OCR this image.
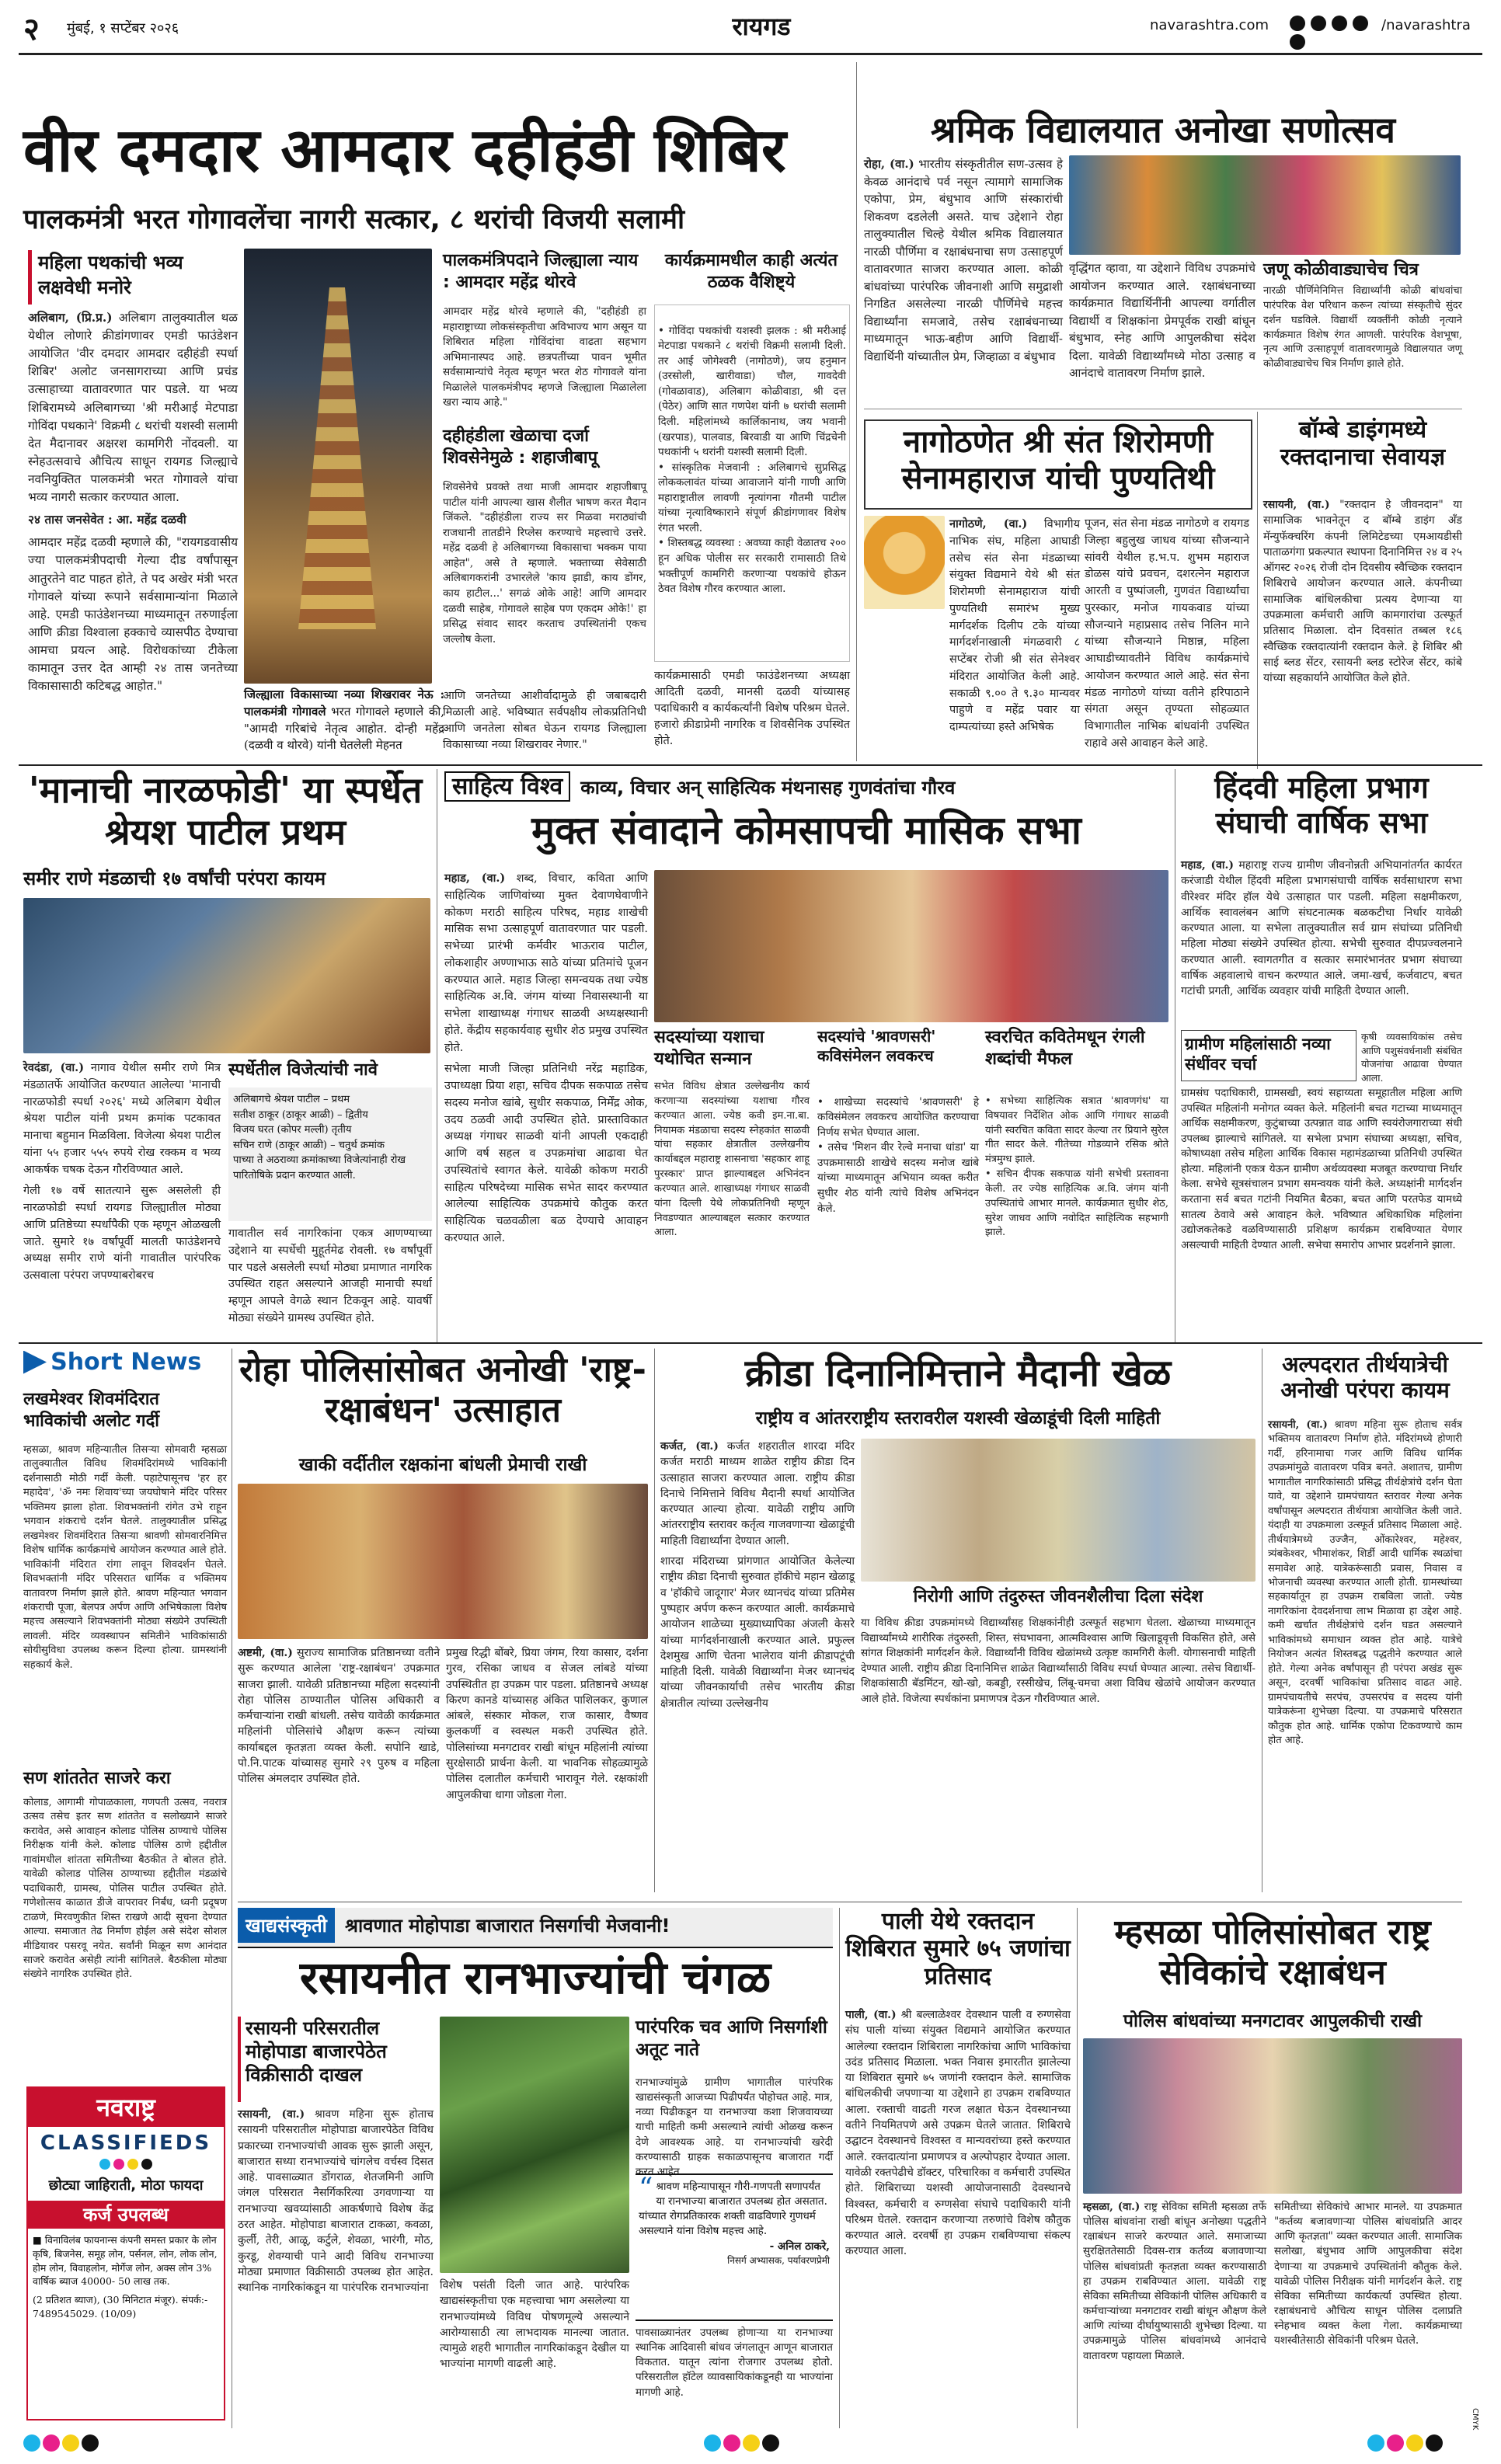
२ मुंबई, १ सप्टेंबर २०२६	रायगड	navarashtra.com
	/navarashtra
वीर दमदार आमदार दहीहंडी शिबिर
पालकमंत्री भरत गोगावलेंचा नागरी सत्कार, ८ थरांची विजयी सलामी
महिला पथकांची भव्य लक्षवेधी मनोरे

अलिबाग, (प्रि.प्र.) अलिबाग तालुक्यातील थळ येथील लोणारे क्रीडांगणावर एमडी फाउंडेशन आयोजित 'वीर दमदार आमदार दहीहंडी स्पर्धा शिबिर' अलोट जनसागराच्या आणि प्रचंड उत्साहाच्या वातावरणात पार पडले. या भव्य शिबिरामध्ये अलिबागच्या 'श्री मरीआई मेटपाडा गोविंदा पथकाने' विक्रमी ८ थरांची यशस्वी सलामी देत मैदानावर अक्षरश कामगिरी नोंदवली. या स्नेहउत्सवाचे औचित्य साधून रायगड जिल्ह्याचे नवनियुक्तित पालकमंत्री भरत गोगावले यांचा भव्य नागरी सत्कार करण्यात आला.

२४ तास जनसेवेत : आ. महेंद्र दळवी

आमदार महेंद्र दळवी म्हणाले की, "रायगडवासीय ज्या पालकमंत्रीपदाची गेल्या दीड वर्षांपासून आतुरतेने वाट पाहत होते, ते पद अखेर मंत्री भरत गोगावले यांच्या रूपाने सर्वसामान्यांना मिळाले आहे. एमडी फाउंडेशनच्या माध्यमातून तरुणाईला आणि क्रीडा विश्वाला हक्काचे व्यासपीठ देण्याचा आमचा प्रयत्न आहे. विरोधकांच्या टीकेला कामातून उत्तर देत आम्ही २४ तास जनतेच्या विकासासाठी कटिबद्ध आहोत."

जिल्ह्याला विकासाच्या नव्या शिखरावर नेऊ : पालकमंत्री गोगावले भरत गोगावले म्हणाले की, "आमदी गरिबांचे नेतृत्व आहोत. दोन्ही महेंद्र (दळवी व थोरवे) यांनी घेतलेली मेहनत
पालकमंत्रिपदाने जिल्ह्याला न्याय : आमदार महेंद्र थोरवे

आमदार महेंद्र थोरवे म्हणाले की, "दहीहंडी हा महाराष्ट्राच्या लोकसंस्कृतीचा अविभाज्य भाग असून या शिबिरात महिला गोविंदांचा वाढता सहभाग अभिमानास्पद आहे. छत्रपतींच्या पावन भूमीत सर्वसामान्यांचे नेतृत्व म्हणून भरत शेठ गोगावले यांना मिळालेले पालकमंत्रीपद म्हणजे जिल्ह्याला मिळालेला खरा न्याय आहे."

दहीहंडीला खेळाचा दर्जा शिवसेनेमुळे : शहाजीबापू

शिवसेनेचे प्रवक्ते तथा माजी आमदार शहाजीबापू पाटील यांनी आपल्या खास शैलीत भाषण करत मैदान जिंकले. "दहीहंडीला राज्य सर मिळवा मराठ्यांची राजधानी तातडीने रिप्लेस करण्याचे महत्त्वाचे उत्तरे. महेंद्र दळवी हे अलिबागच्या विकासाचा भक्कम पाया आहेत", असे ते म्हणाले. भक्ताच्या सेवेसाठी अलिबागकरांनी उभारलेले 'काय झाडी, काय डोंगर, काय हाटील...' सगळं ओके आहे! आणि आमदार दळवी साहेब, गोगावले साहेब पण एकदम ओके!' हा प्रसिद्ध संवाद सादर करताच उपस्थितांनी एकच जल्लोष केला.

आणि जनतेच्या आशीर्वादामुळे ही जबाबदारी मिळाली आहे. भविष्यात सर्वपक्षीय लोकप्रतिनिधी आणि जनतेला सोबत घेऊन रायगड जिल्ह्याला विकासाच्या नव्या शिखरावर नेणार."

कार्यक्रमामधील काही अत्यंत ठळक वैशिष्ट्ये

• गोविंदा पथकांची यशस्वी झलक : श्री मरीआई मेटपाडा पथकाने ८ थरांची विक्रमी सलामी दिली. तर आई जोगेश्वरी (नागोठणे), जय हनुमान (उरसोली, खारीवाडा) चौल, गावदेवी (गोवळावाड), अलिबाग कोळीवाडा, श्री दत्त (पेठेर) आणि सात गणपेश यांनी ७ थरांची सलामी दिली. महिलांमध्ये कार्लिकानाथ, जय भवानी (खरपाड), पालवाड, बिरवाडी या आणि चिंद्रचेनी पथकांनी ५ थरांनी यशस्वी सलामी दिली.
• सांस्कृतिक मेजवानी : अलिबागचे सुप्रसिद्ध लोककलावंत यांच्या आवाजाने यांनी गाणी आणि महाराष्ट्रातील लावणी नृत्यांगना गौतमी पाटील यांच्या नृत्याविष्काराने संपूर्ण क्रीडांगणावर विशेष रंगत भरली.
• शिस्तबद्ध व्यवस्था : अवघ्या काही वेळातच २०० हून अधिक पोलीस सर सरकारी रामासाठी तिथे भक्तीपूर्ण कामगिरी करणाऱ्या पथकांचे होऊन ठेवत विशेष गौरव करण्यात आला.

कार्यक्रमासाठी एमडी फाउंडेशनच्या अध्यक्षा आदिती दळवी, मानसी दळवी यांच्यासह पदाधिकारी व कार्यकर्त्यांनी विशेष परिश्रम घेतले. हजारो क्रीडाप्रेमी नागरिक व शिवसैनिक उपस्थित होते.

श्रमिक विद्यालयात अनोखा सणोत्सव

रोहा, (वा.) भारतीय संस्कृतीतील सण-उत्सव हे केवळ आनंदाचे पर्व नसून त्यामागे सामाजिक एकोपा, प्रेम, बंधुभाव आणि संस्कारांची शिकवण दडलेली असते. याच उद्देशाने रोहा तालुक्यातील चिल्हे येथील श्रमिक विद्यालयात नारळी पौर्णिमा व रक्षाबंधनाचा सण उत्साहपूर्ण वातावरणात साजरा करण्यात आला. कोळी बांधवांच्या पारंपरिक जीवनाशी आणि समुद्राशी निगडित असलेल्या नारळी पौर्णिमेचे महत्त्व विद्यार्थ्यांना समजावे, तसेच रक्षाबंधनाच्या माध्यमातून भाऊ-बहीण आणि विद्यार्थी-विद्यार्थिनी यांच्यातील प्रेम, जिव्हाळा व बंधुभाव

वृद्धिंगत व्हावा, या उद्देशाने विविध उपक्रमांचे आयोजन करण्यात आले. रक्षाबंधनाच्या कार्यक्रमात विद्यार्थिनींनी आपल्या वर्गातील विद्यार्थी व शिक्षकांना प्रेमपूर्वक राखी बांधून बंधुभाव, स्नेह आणि आपुलकीचा संदेश दिला. यावेळी विद्यार्थ्यांमध्ये मोठा उत्साह व आनंदाचे वातावरण निर्माण झाले.

जणू कोळीवाड्याचेच चित्र

नारळी पौर्णिमेनिमित्त विद्यार्थ्यांनी कोळी बांधवांचा पारंपरिक वेश परिधान करून त्यांच्या संस्कृतीचे सुंदर दर्शन घडविले. विद्यार्थी व्यक्तींनी कोळी नृत्याने कार्यक्रमात विशेष रंगत आणली. पारंपरिक वेशभूषा, नृत्य आणि उत्साहपूर्ण वातावरणामुळे विद्यालयात जणू कोळीवाड्याचेच चित्र निर्माण झाले होते.

नागोठणेत श्री संत शिरोमणी सेनामहाराज यांची पुण्यतिथी

नागोठणे, (वा.) विभागीय नाभिक संघ, महिला आघाडी तसेच संत सेना मंडळाच्या संयुक्त विद्यमाने येथे श्री संत शिरोमणी सेनामहाराज यांची पुण्यतिथी समारंभ मुख्य मार्गदर्शक दिलीप टके यांच्या मार्गदर्शनाखाली मंगळवारी ८ सप्टेंबर रोजी श्री संत सेनेश्वर मंदिरात आयोजित केली आहे. सकाळी ९.०० ते ९.३० मान्यवर पाहुणे व महेंद्र पवार या दाम्पत्यांच्या हस्ते अभिषेक

पूजन, संत सेना मंडळ नागोठणे व रायगड जिल्हा बहुलुख जाधव यांच्या सौजन्याने सांवरी येथील ह.भ.प. शुभम महाराज डोळस यांचे प्रवचन, दशरत्नेन महाराज आरती व पुष्पांजली, गुणवंत विद्यार्थ्यांचा पुरस्कार, मनोज गायकवाड यांच्या सौजन्याने महाप्रसाद तसेच निलिन माने यांच्या सौजन्याने मिष्ठान्न, महिला आघाडीच्यावतीने विविध कार्यक्रमांचे आयोजन करण्यात आले आहे. संत सेना मंडळ नागोठणे यांच्या वतीने हरिपाठाने संगता असून तृण्यता सोहळ्यात विभागातील नाभिक बांधवांनी उपस्थित राहावे असे आवाहन केले आहे.

बॉम्बे डाइंगमध्ये रक्तदानाचा सेवायज्ञ

रसायनी, (वा.) "रक्तदान हे जीवनदान" या सामाजिक भावनेतून द बॉम्बे डाइंग अँड मॅन्युफॅक्चरिंग कंपनी लिमिटेडच्या एमआयडीसी पाताळगंगा प्रकल्पात स्थापना दिनानिमित्त २४ व २५ ऑगस्ट २०२६ रोजी दोन दिवसीय स्वैच्छिक रक्तदान शिबिराचे आयोजन करण्यात आले. कंपनीच्या सामाजिक बांधिलकीचा प्रत्यय देणाऱ्या या उपक्रमाला कर्मचारी आणि कामगारांचा उत्स्फूर्त प्रतिसाद मिळाला. दोन दिवसांत तब्बल १८६ स्वैच्छिक रक्तदात्यांनी रक्तदान केले. हे शिबिर श्री साई ब्लड सेंटर, रसायनी ब्लड स्टोरेज सेंटर, कांबे यांच्या सहकार्याने आयोजित केले होते.

'मानाची नारळफोडी' या स्पर्धेत श्रेयश पाटील प्रथम
समीर राणे मंडळाची १७ वर्षांची परंपरा कायम

रेवदंडा, (वा.) नागाव येथील समीर राणे मित्र मंडळातर्फे आयोजित करण्यात आलेल्या 'मानाची नारळफोडी स्पर्धा २०२६' मध्ये अलिबाग येथील श्रेयश पाटील यांनी प्रथम क्रमांक पटकावत मानाचा बहुमान मिळविला. विजेत्या श्रेयश पाटील यांना ५५ हजार ५५५ रुपये रोख रक्कम व भव्य आकर्षक चषक देऊन गौरविण्यात आले.

गेली १७ वर्षे सातत्याने सुरू असलेली ही नारळफोडी स्पर्धा रायगड जिल्ह्यातील मोठ्या आणि प्रतिष्ठेच्या स्पर्धांपैकी एक म्हणून ओळखली जाते. सुमारे १७ वर्षांपूर्वी मालती फाउंडेशनचे अध्यक्ष समीर राणे यांनी गावातील पारंपरिक उत्सवाला परंपरा जपण्याबरोबरच

स्पर्धेतील विजेत्यांची नावे
अलिबागचे श्रेयश पाटील – प्रथम
सतीश ठाकूर (ठाकूर आळी) – द्वितीय
विजय घरत (कोपर मल्ली) तृतीय
सचिन राणे (ठाकूर आळी) – चतुर्थ क्रमांक
पाच्या ते अठराव्या क्रमांकाच्या विजेत्यांनाही रोख पारितोषिके प्रदान करण्यात आली.

गावातील सर्व नागरिकांना एकत्र आणण्याच्या उद्देशाने या स्पर्धेची मुहूर्तमेढ रोवली. १७ वर्षांपूर्वी पार पडले असलेली स्पर्धा मोठ्या प्रमाणात नागरिक उपस्थित राहत असल्याने आजही मानाची स्पर्धा म्हणून आपले वेगळे स्थान टिकवून आहे. यावर्षी मोठ्या संख्येने ग्रामस्थ उपस्थित होते.

साहित्य विश्व काव्य, विचार अन् साहित्यिक मंथनासह गुणवंतांचा गौरव
मुक्त संवादाने कोमसापची मासिक सभा

महाड, (वा.) शब्द, विचार, कविता आणि साहित्यिक जाणिवांच्या मुक्त देवाणघेवाणीने कोकण मराठी साहित्य परिषद, महाड शाखेची मासिक सभा उत्साहपूर्ण वातावरणात पार पडली. सभेच्या प्रारंभी कर्मवीर भाऊराव पाटील, लोकशाहीर अण्णाभाऊ साठे यांच्या प्रतिमांचे पूजन करण्यात आले. महाड जिल्हा समन्वयक तथा ज्येष्ठ साहित्यिक अ.वि. जंगम यांच्या निवासस्थानी या सभेला शाखाध्यक्ष गंगाधर साळवी अध्यक्षस्थानी होते. केंद्रीय सहकार्यवाह सुधीर शेठ प्रमुख उपस्थित होते.

सभेला माजी जिल्हा प्रतिनिधी नरेंद्र महाडिक, उपाध्यक्षा प्रिया शहा, सचिव दीपक सकपाळ तसेच सदस्य मनोज खांबे, सुधीर सकपाळ, निर्मेंद्र ओक, उदय ठळवी आदी उपस्थित होते. प्रास्ताविकात अध्यक्ष गंगाधर साळवी यांनी आपली एकदाही आणि वर्ष सहल व उपक्रमांचा आढावा घेत उपस्थितांचे स्वागत केले. यावेळी कोकण मराठी साहित्य परिषदेच्या मासिक सभेत सादर करण्यात आलेल्या साहित्यिक उपक्रमांचे कौतुक करत साहित्यिक चळवळीला बळ देण्याचे आवाहन करण्यात आले.

सदस्यांच्या यशाचा यथोचित सन्मान

सभेत विविध क्षेत्रात उल्लेखनीय कार्य करणाऱ्या सदस्यांच्या यशाचा गौरव करण्यात आला. ज्येष्ठ कवी इम.ना.बा. नियामक मंडळाचा सदस्य स्नेहकांत साळवी यांचा सहकार क्षेत्रातील उल्लेखनीय कार्याबद्दल महाराष्ट्र शासनाचा 'सहकार शाहू पुरस्कार' प्राप्त झाल्याबद्दल अभिनंदन करण्यात आले. शाखाध्यक्ष गंगाधर साळवी यांना दिल्ली येथे लोकप्रतिनिधी म्हणून निवडण्यात आल्याबद्दल सत्कार करण्यात आला.

सदस्यांचे 'श्रावणसरी' कविसंमेलन लवकरच

• शाखेच्या सदस्यांचे 'श्रावणसरी' हे कविसंमेलन लवकरच आयोजित करण्याचा निर्णय सभेत घेण्यात आला.
• तसेच 'मिशन वीर रेल्वे मनाचा धांडा' या उपक्रमासाठी शाखेचे सदस्य मनोज खांबे यांच्या माध्यमातून अभियान व्यक्त करीत सुधीर शेठ यांनी त्यांचे विशेष अभिनंदन केले.

स्वरचित कवितेमधून रंगली शब्दांची मैफल

• सभेच्या साहित्यिक सत्रात 'श्रावणगंध' या विषयावर निर्देशित ओक आणि गंगाधर साळवी यांनी स्वरचित कविता सादर केल्या तर प्रियाने सुरेल गीत सादर केले. गीतेच्या गोडव्याने रसिक श्रोते मंत्रमुग्ध झाले.
• सचिन दीपक सकपाळ यांनी सभेची प्रस्तावना केली. तर ज्येष्ठ साहित्यिक अ.वि. जंगम यांनी उपस्थितांचे आभार मानले. कार्यक्रमात सुधीर शेठ, सुरेश जाधव आणि नवोदित साहित्यिक सहभागी झाले.

हिंदवी महिला प्रभाग संघाची वार्षिक सभा

महाड, (वा.) महाराष्ट्र राज्य ग्रामीण जीवनोन्नती अभियानांतर्गत कार्यरत करंजाडी येथील हिंदवी महिला प्रभागसंघाची वार्षिक सर्वसाधारण सभा वीरेश्वर मंदिर हॉल येथे उत्साहात पार पडली. महिला सक्षमीकरण, आर्थिक स्वावलंबन आणि संघटनात्मक बळकटीचा निर्धार यावेळी करण्यात आला. या सभेला तालुक्यातील सर्व ग्राम संघांच्या प्रतिनिधी महिला मोठ्या संख्येने उपस्थित होत्या. सभेची सुरुवात दीपप्रज्वलनाने करण्यात आली. स्वागतगीत व सत्कार समारंभानंतर प्रभाग संघाच्या वार्षिक अहवालाचे वाचन करण्यात आले. जमा-खर्च, कर्जवाटप, बचत गटांची प्रगती, आर्थिक व्यवहार यांची माहिती देण्यात आली.

ग्रामीण महिलांसाठी नव्या संधींवर चर्चा

कृषी व्यवसायिकांस तसेच आणि पशुसंवर्धनाशी संबंधित योजनांचा आढावा घेण्यात आला.

ग्रामसंघ पदाधिकारी, ग्रामसखी, स्वयं सहाय्यता समूहातील महिला आणि उपस्थित महिलांनी मनोगत व्यक्त केले. महिलांनी बचत गटाच्या माध्यमातून आर्थिक सक्षमीकरण, कुटुंबाच्या उत्पन्नात वाढ आणि स्वयंरोजगाराच्या संधी उपलब्ध झाल्याचे सांगितले. या सभेला प्रभाग संघाच्या अध्यक्षा, सचिव, कोषाध्यक्षा तसेच महिला आर्थिक विकास महामंडळाच्या प्रतिनिधी उपस्थित होत्या. महिलांनी एकत्र येऊन ग्रामीण अर्थव्यवस्था मजबूत करण्याचा निर्धार केला. सभेचे सूत्रसंचालन प्रभाग समन्वयक यांनी केले. अध्यक्षांनी मार्गदर्शन करताना सर्व बचत गटांनी नियमित बैठका, बचत आणि परतफेड यामध्ये सातत्य ठेवावे असे आवाहन केले. भविष्यात अधिकाधिक महिलांना उद्योजकतेकडे वळविण्यासाठी प्रशिक्षण कार्यक्रम राबविण्यात येणार असल्याची माहिती देण्यात आली. सभेचा समारोप आभार प्रदर्शनाने झाला.

Short News
लखमेश्वर शिवमंदिरात भाविकांची अलोट गर्दी

म्हसळा, श्रावण महिन्यातील तिसऱ्या सोमवारी म्हसळा तालुक्यातील विविध शिवमंदिरांमध्ये भाविकांनी दर्शनासाठी मोठी गर्दी केली. पहाटेपासूनच 'हर हर महादेव', 'ॐ नमः शिवाय'च्या जयघोषाने मंदिर परिसर भक्तिमय झाला होता. शिवभक्तांनी रांगेत उभे राहून भगवान शंकराचे दर्शन घेतले. तालुक्यातील प्रसिद्ध लखमेश्वर शिवमंदिरात तिसऱ्या श्रावणी सोमवारनिमित्त विशेष धार्मिक कार्यक्रमांचे आयोजन करण्यात आले होते. भाविकांनी मंदिरात रांगा लावून शिवदर्शन घेतले. शिवभक्तांनी मंदिर परिसरात धार्मिक व भक्तिमय वातावरण निर्माण झाले होते. श्रावण महिन्यात भगवान शंकराची पूजा, बेलपत्र अर्पण आणि अभिषेकाला विशेष महत्त्व असल्याने शिवभक्तांनी मोठ्या संख्येने उपस्थिती लावली. मंदिर व्यवस्थापन समितीने भाविकांसाठी सोयीसुविधा उपलब्ध करून दिल्या होत्या. ग्रामस्थांनी सहकार्य केले.

सण शांततेत साजरे करा

कोलाड, आगामी गोपाळकाला, गणपती उत्सव, नवरात्र उत्सव तसेच इतर सण शांततेत व सलोख्याने साजरे करावेत, असे आवाहन कोलाड पोलिस ठाण्याचे पोलिस निरीक्षक यांनी केले. कोलाड पोलिस ठाणे हद्दीतील गावांमधील शांतता समितीच्या बैठकीत ते बोलत होते. यावेळी कोलाड पोलिस ठाण्याच्या हद्दीतील मंडळांचे पदाधिकारी, ग्रामस्थ, पोलिस पाटील उपस्थित होते. गणेशोत्सव काळात डीजे वापरावर निर्बंध, ध्वनी प्रदूषण टाळणे, मिरवणुकीत शिस्त राखणे आदी सूचना देण्यात आल्या. समाजात तेढ निर्माण होईल असे संदेश सोशल मीडियावर पसरवू नयेत. सर्वांनी मिळून सण आनंदात साजरे करावेत असेही त्यांनी सांगितले. बैठकीला मोठ्या संख्येने नागरिक उपस्थित होते.

नवराष्ट्र
CLASSIFIEDS
छोट्या जाहिराती, मोठा फायदा
कर्ज उपलब्ध
■ विनाविलंब फायनान्स कंपनी समस्त प्रकार के लोन कृषि, बिजनेस, समूह लोन, पर्सनल, लोन, लोक लोन, होम लोन, विवाहलोन, मोर्गेज लोन, अक्स लोन 3% वार्षिक ब्याज 40000- 50 लाख तक.
(2 प्रतिशत ब्याज), (30 मिनिटात मंजूर). संपर्क:- 7489545029. (10/09)
रोहा पोलिसांसोबत अनोखी 'राष्ट्र-रक्षाबंधन' उत्साहात
खाकी वर्दीतील रक्षकांना बांधली प्रेमाची राखी

अष्टमी, (वा.) सुराज्य सामाजिक प्रतिष्ठानच्या वतीने सुरू करण्यात आलेला 'राष्ट्र-रक्षाबंधन' उपक्रमात साजरा झाली. यावेळी प्रतिष्ठानच्या महिला सदस्यांनी रोहा पोलिस ठाण्यातील पोलिस अधिकारी व कर्मचाऱ्यांना राखी बांधली. तसेच यावेळी कार्यक्रमात महिलांनी पोलिसांचे औक्षण करून त्यांच्या कार्याबद्दल कृतज्ञता व्यक्त केली. सपोनि खाडे, पो.नि.पाटक यांच्यासह सुमारे २९ पुरुष व महिला पोलिस अंमलदार उपस्थित होते.

प्रमुख रिद्धी बोंबरे, प्रिया जंगम, रिया कासार, दर्शना गुरव, रसिका जाधव व सेजल लांबडे यांच्या उपस्थितीत हा उपक्रम पार पडला. प्रतिष्ठानचे अध्यक्ष किरण कानडे यांच्यासह अंकित पाशिलकर, कुणाल आंबले, संस्कार मोकल, राज कासार, वैष्णव कुलकर्णी व स्वस्थल मकरी उपस्थित होते. पोलिसांच्या मनगटावर राखी बांधून महिलांनी त्यांच्या सुरक्षेसाठी प्रार्थना केली. या भावनिक सोहळ्यामुळे पोलिस दलातील कर्मचारी भारावून गेले. रक्षकांशी आपुलकीचा धागा जोडला गेला.

क्रीडा दिनानिमित्ताने मैदानी खेळ
राष्ट्रीय व आंतरराष्ट्रीय स्तरावरील यशस्वी खेळाडूंची दिली माहिती

कर्जत, (वा.) कर्जत शहरातील शारदा मंदिर कर्जत मराठी माध्यम शाळेत राष्ट्रीय क्रीडा दिन उत्साहात साजरा करण्यात आला. राष्ट्रीय क्रीडा दिनाचे निमित्ताने विविध मैदानी स्पर्धा आयोजित करण्यात आल्या होत्या. यावेळी राष्ट्रीय आणि आंतरराष्ट्रीय स्तरावर कर्तृत्व गाजवणाऱ्या खेळाडूंची माहिती विद्यार्थ्यांना देण्यात आली.

शारदा मंदिराच्या प्रांगणात आयोजित केलेल्या राष्ट्रीय क्रीडा दिनाची सुरुवात हॉकीचे महान खेळाडू व 'हॉकीचे जादूगार' मेजर ध्यानचंद यांच्या प्रतिमेस पुष्पहार अर्पण करून करण्यात आली. कार्यक्रमाचे आयोजन शाळेच्या मुख्याध्यापिका अंजली केसरे यांच्या मार्गदर्शनाखाली करण्यात आले. प्रफुल्ल देशमुख आणि चेतना भालेराव यांनी क्रीडापटूंची माहिती दिली. यावेळी विद्यार्थ्यांना मेजर ध्यानचंद यांच्या जीवनकार्याची तसेच भारतीय क्रीडा क्षेत्रातील त्यांच्या उल्लेखनीय

निरोगी आणि तंदुरुस्त जीवनशैलीचा दिला संदेश

या विविध क्रीडा उपक्रमांमध्ये विद्यार्थ्यांसह शिक्षकांनीही उत्स्फूर्त सहभाग घेतला. खेळाच्या माध्यमातून विद्यार्थ्यांमध्ये शारीरिक तंदुरुस्ती, शिस्त, संघभावना, आत्मविश्वास आणि खिलाडूवृत्ती विकसित होते, असे सांगत शिक्षकांनी मार्गदर्शन केले. विद्यार्थ्यांनी विविध खेळांमध्ये उत्कृष्ट कामगिरी केली. योगासनाची माहिती देण्यात आली. राष्ट्रीय क्रीडा दिनानिमित्त शाळेत विद्यार्थ्यांसाठी विविध स्पर्धा घेण्यात आल्या. तसेच विद्यार्थी-शिक्षकांसाठी बॅडमिंटन, खो-खो, कबड्डी, रस्सीखेच, लिंबू-चमचा अशा विविध खेळांचे आयोजन करण्यात आले होते. विजेत्या स्पर्धकांना प्रमाणपत्र देऊन गौरविण्यात आले.

अल्पदरात तीर्थयात्रेची अनोखी परंपरा कायम

रसायनी, (वा.) श्रावण महिना सुरू होताच सर्वत्र भक्तिमय वातावरण निर्माण होते. मंदिरांमध्ये होणारी गर्दी, हरिनामाचा गजर आणि विविध धार्मिक उपक्रमांमुळे वातावरण पवित्र बनते. अशातच, ग्रामीण भागातील नागरिकांसाठी प्रसिद्ध तीर्थक्षेत्रांचे दर्शन घेता यावे, या उद्देशाने ग्रामपंचायत स्तरावर गेल्या अनेक वर्षांपासून अल्पदरात तीर्थयात्रा आयोजित केली जाते. यंदाही या उपक्रमाला उत्स्फूर्त प्रतिसाद मिळाला आहे. तीर्थयात्रेमध्ये उज्जैन, ओंकारेश्वर, महेश्वर, त्र्यंबकेश्वर, भीमाशंकर, शिर्डी आदी धार्मिक स्थळांचा समावेश आहे. यात्रेकरूंसाठी प्रवास, निवास व भोजनाची व्यवस्था करण्यात आली होती. ग्रामस्थांच्या सहकार्यातून हा उपक्रम राबविला जातो. ज्येष्ठ नागरिकांना देवदर्शनाचा लाभ मिळावा हा उद्देश आहे. कमी खर्चात तीर्थक्षेत्रांचे दर्शन घडत असल्याने भाविकांमध्ये समाधान व्यक्त होत आहे. यात्रेचे नियोजन अत्यंत शिस्तबद्ध पद्धतीने करण्यात आले होते. गेल्या अनेक वर्षांपासून ही परंपरा अखंड सुरू असून, दरवर्षी भाविकांचा प्रतिसाद वाढत आहे. ग्रामपंचायतीचे सरपंच, उपसरपंच व सदस्य यांनी यात्रेकरूंना शुभेच्छा दिल्या. या उपक्रमाचे परिसरात कौतुक होत आहे. धार्मिक एकोपा टिकवण्याचे काम होत आहे.

खाद्यसंस्कृती श्रावणात मोहोपाडा बाजारात निसर्गाची मेजवानी!
रसायनीत रानभाज्यांची चंगळ
रसायनी परिसरातील मोहोपाडा बाजारपेठेत विक्रीसाठी दाखल

रसायनी, (वा.) श्रावण महिना सुरू होताच रसायनी परिसरातील मोहोपाडा बाजारपेठेत विविध प्रकारच्या रानभाज्यांची आवक सुरू झाली असून, बाजारात सध्या रानभाज्यांचे चांगलेच वर्चस्व दिसत आहे. पावसाळ्यात डोंगराळ, शेतजमिनी आणि जंगल परिसरात नैसर्गिकरित्या उगवणाऱ्या या रानभाज्या खवय्यांसाठी आकर्षणाचे विशेष केंद्र ठरत आहेत. मोहोपाडा बाजारात टाकळा, कवळा, कुर्ली, तेरी, आळू, कर्टुले, शेवळा, भारंगी, मोठ, कुरडू, शेवग्याची पाने आदी विविध रानभाज्या मोठ्या प्रमाणात विक्रीसाठी उपलब्ध होत आहेत. स्थानिक नागरिकांकडून या पारंपरिक रानभाज्यांना	विशेष पसंती दिली जात आहे. पारंपरिक खाद्यसंस्कृतीचा एक महत्त्वाचा भाग असलेल्या या रानभाज्यांमध्ये विविध पोषणमूल्ये असल्याने आरोग्यासाठी त्या लाभदायक मानल्या जातात. त्यामुळे शहरी भागातील नागरिकांकडून देखील या भाज्यांना मागणी वाढली आहे.

पारंपरिक चव आणि निसर्गाशी अतूट नाते

रानभाज्यांमुळे ग्रामीण भागातील पारंपरिक खाद्यसंस्कृती आजच्या पिढीपर्यंत पोहोचत आहे. मात्र, नव्या पिढीकडून या रानभाज्या कशा शिजवायच्या याची माहिती कमी असल्याने त्यांची ओळख करून देणे आवश्यक आहे. या रानभाज्यांची खरेदी करण्यासाठी ग्राहक सकाळपासूनच बाजारात गर्दी करत आहेत.

“ श्रावण महिन्यापासून गौरी-गणपती सणापर्यंत या रानभाज्या बाजारात उपलब्ध होत असतात. यांच्यात रोगप्रतिकारक शक्ती वाढविणारे गुणधर्म असल्याने यांना विशेष महत्त्व आहे.
- अनिल ठाकरे,
निसर्ग अभ्यासक, पर्यावरणप्रेमी

पावसाळ्यानंतर उपलब्ध होणाऱ्या या रानभाज्या स्थानिक आदिवासी बांधव जंगलातून आणून बाजारात विकतात. यातून त्यांना रोजगार उपलब्ध होतो. परिसरातील हॉटेल व्यावसायिकांकडूनही या भाज्यांना मागणी आहे.

पाली येथे रक्तदान शिबिरात सुमारे ७५ जणांचा प्रतिसाद

पाली, (वा.) श्री बल्लाळेश्वर देवस्थान पाली व रुग्णसेवा संघ पाली यांच्या संयुक्त विद्यमाने आयोजित करण्यात आलेल्या रक्तदान शिबिराला नागरिकांचा आणि भाविकांचा उदंड प्रतिसाद मिळाला. भक्त निवास इमारतीत झालेल्या या शिबिरात सुमारे ७५ जणांनी रक्तदान केले. सामाजिक बांधिलकीची जपणाऱ्या या उद्देशाने हा उपक्रम राबविण्यात आला. रक्ताची वाढती गरज लक्षात घेऊन देवस्थानच्या वतीने नियमितपणे असे उपक्रम घेतले जातात. शिबिराचे उद्घाटन देवस्थानचे विश्वस्त व मान्यवरांच्या हस्ते करण्यात आले. रक्तदात्यांना प्रमाणपत्र व अल्पोपहार देण्यात आला. यावेळी रक्तपेढीचे डॉक्टर, परिचारिका व कर्मचारी उपस्थित होते. शिबिराच्या यशस्वी आयोजनासाठी देवस्थानचे विश्वस्त, कर्मचारी व रुग्णसेवा संघाचे पदाधिकारी यांनी परिश्रम घेतले. रक्तदान करणाऱ्या तरुणांचे विशेष कौतुक करण्यात आले. दरवर्षी हा उपक्रम राबविण्याचा संकल्प करण्यात आला.

म्हसळा पोलिसांसोबत राष्ट्र सेविकांचे रक्षाबंधन
पोलिस बांधवांच्या मनगटावर आपुलकीची राखी

म्हसळा, (वा.) राष्ट्र सेविका समिती म्हसळा तर्फे पोलिस बांधवांना राखी बांधून अनोख्या पद्धतीने रक्षाबंधन साजरे करण्यात आले. समाजाच्या सुरक्षिततेसाठी दिवस-रात्र कर्तव्य बजावणाऱ्या पोलिस बांधवांप्रती कृतज्ञता व्यक्त करण्यासाठी हा उपक्रम राबविण्यात आला. यावेळी राष्ट्र सेविका समितीच्या सेविकांनी पोलिस अधिकारी व कर्मचाऱ्यांच्या मनगटावर राखी बांधून औक्षण केले आणि त्यांच्या दीर्घायुष्यासाठी शुभेच्छा दिल्या. या उपक्रमामुळे पोलिस बांधवांमध्ये आनंदाचे वातावरण पहायला मिळाले.

समितीच्या सेविकांचे आभार मानले. या उपक्रमात "कर्तव्य बजावणाऱ्या पोलिस बांधवांप्रति आदर आणि कृतज्ञता" व्यक्त करण्यात आली. सामाजिक सलोखा, बंधुभाव आणि आपुलकीचा संदेश देणाऱ्या या उपक्रमाचे उपस्थितांनी कौतुक केले. यावेळी पोलिस निरीक्षक यांनी मार्गदर्शन केले. राष्ट्र सेविका समितीच्या कार्यकर्त्या उपस्थित होत्या. रक्षाबंधनाचे औचित्य साधून पोलिस दलाप्रति स्नेहभाव व्यक्त केला गेला. कार्यक्रमाच्या यशस्वीतेसाठी सेविकांनी परिश्रम घेतले.

CMYK
